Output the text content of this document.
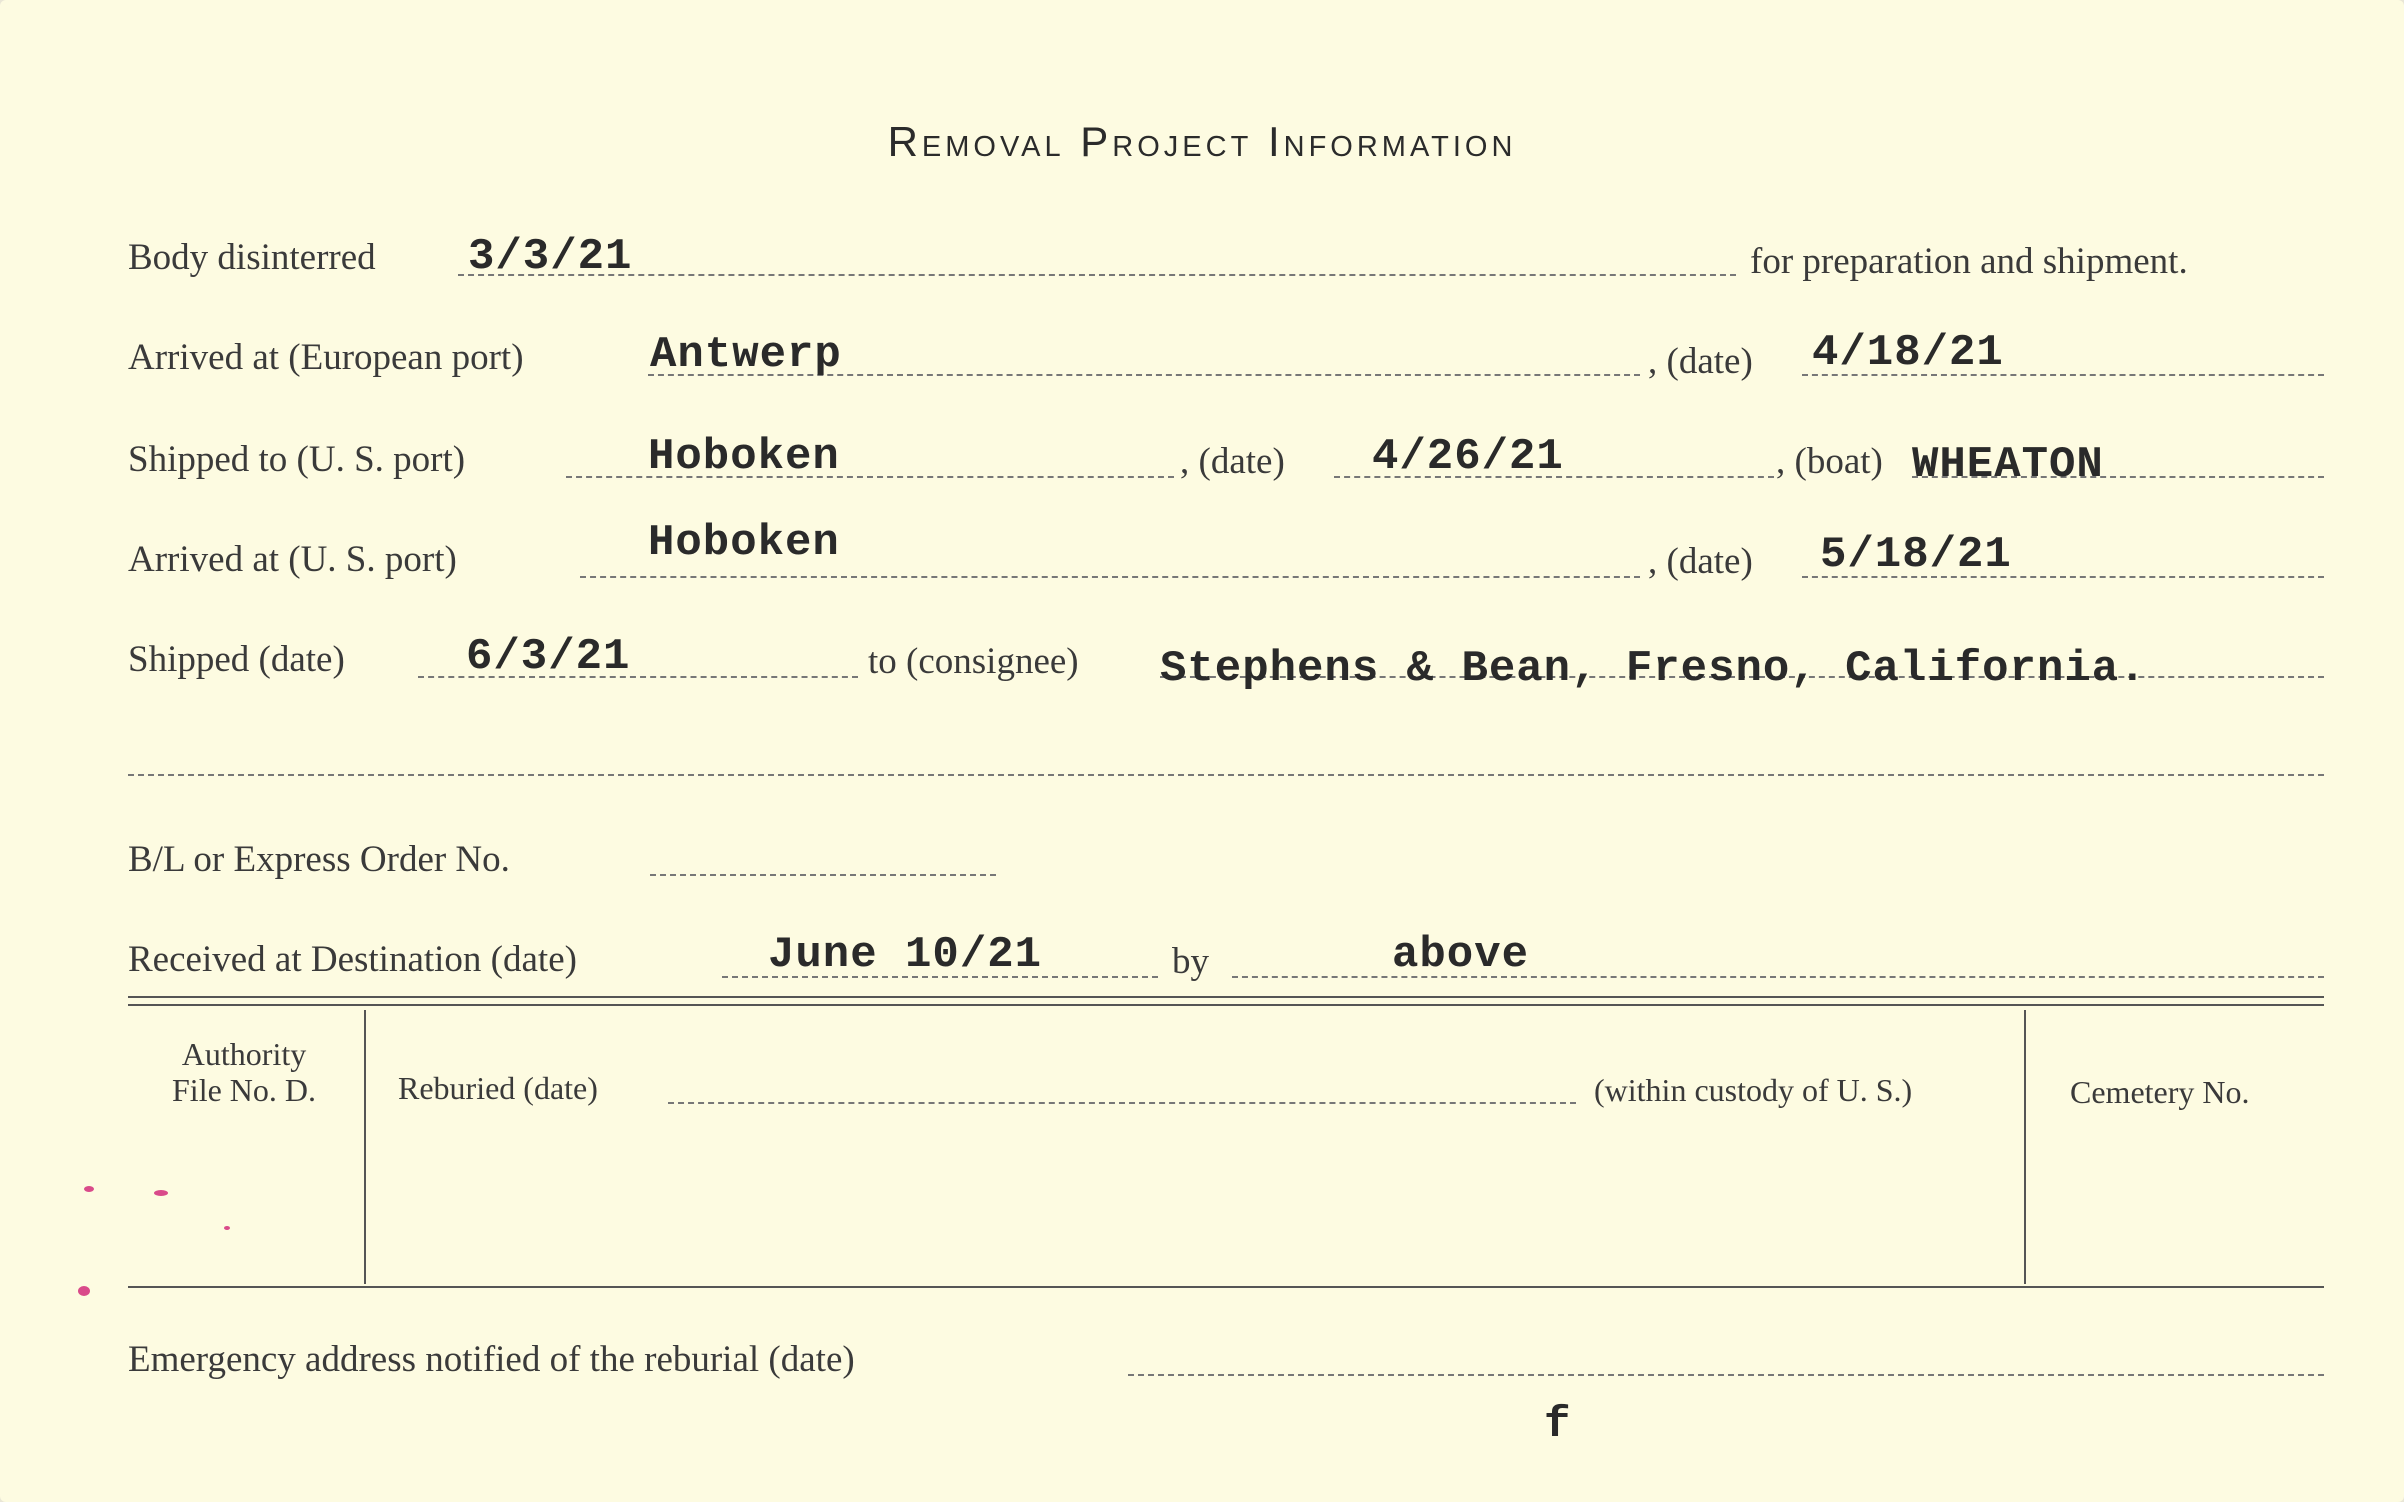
Removal Project Information
Body disinterred 3/3/21	for preparation and shipment.
Arrived at (European port)	Antwerp	, (date) 4/18/21
Shipped to (U. S. port)	Hoboken	, (date) 4/26/21	, (boat) WHEATON
Arrived at (U. S. port)	Hoboken	, (date) 5/18/21
Shipped (date)	6/3/21	to (consignee) Stephens & Bean, Fresno, California.
B/L or Express Order No.
Received at Destination (date)	June 10/21	by	above
Authority
File No. D.	Reburied (date)	(within custody of U. S.)	Cemetery No.
Emergency address notified of the reburial (date)
f
